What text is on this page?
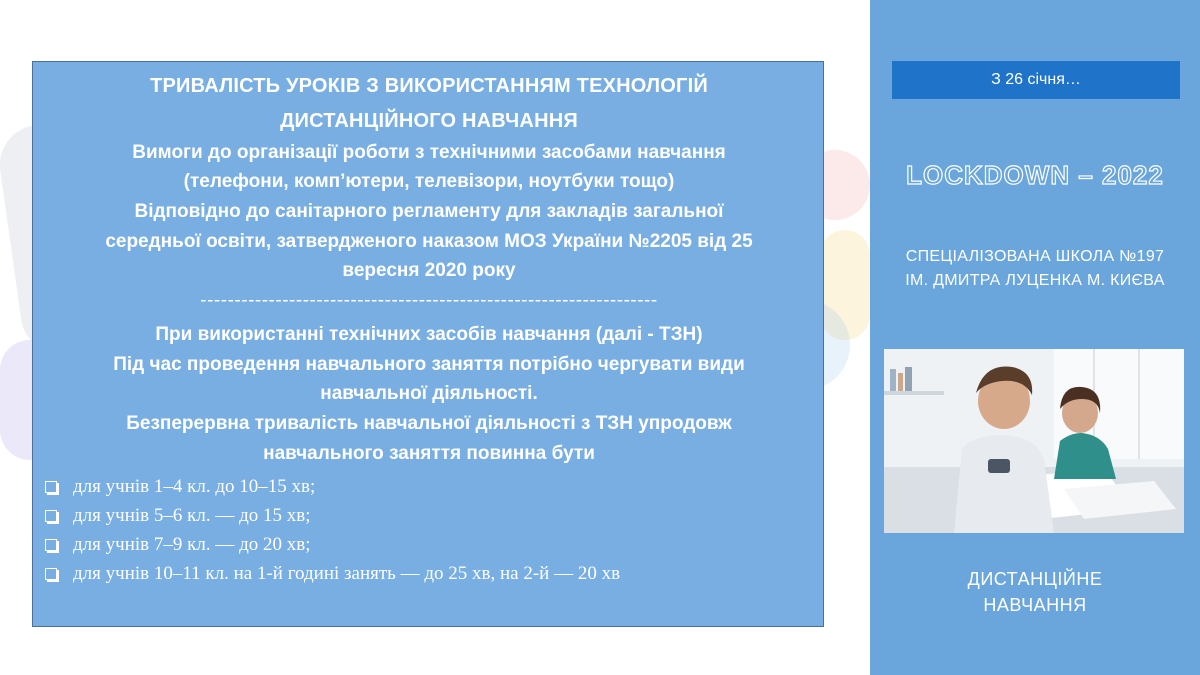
ТРИВАЛІСТЬ УРОКІВ З ВИКОРИСТАННЯМ ТЕХНОЛОГІЙ
ДИСТАНЦІЙНОГО НАВЧАННЯ
Вимоги до організації роботи з технічними засобами навчання
(телефони, комп’ютери, телевізори, ноутбуки тощо)
Відповідно до санітарного регламенту для закладів загальної
середньої освіти, затвердженого наказом МОЗ України №2205 від 25
вересня 2020 року
-------------------------------------------------------------------
При використанні технічних засобів навчання (далі - ТЗН)
Під час проведення навчального заняття потрібно чергувати види
навчальної діяльності.
Безперервна тривалість навчальної діяльності з ТЗН упродовж
навчального заняття повинна бути
для учнів 1–4 кл. до 10–15 хв;
для учнів 5–6 кл. — до 15 хв;
для учнів 7–9 кл. — до 20 хв;
для учнів 10–11 кл. на 1-й годині занять — до 25 хв, на 2-й — 20 хв
З 26 січня…
LOCKDOWN – 2022
СПЕЦІАЛІЗОВАНА ШКОЛА №197
ІМ. ДМИТРА ЛУЦЕНКА М. КИЄВА
ДИСТАНЦІЙНЕ
НАВЧАННЯ
